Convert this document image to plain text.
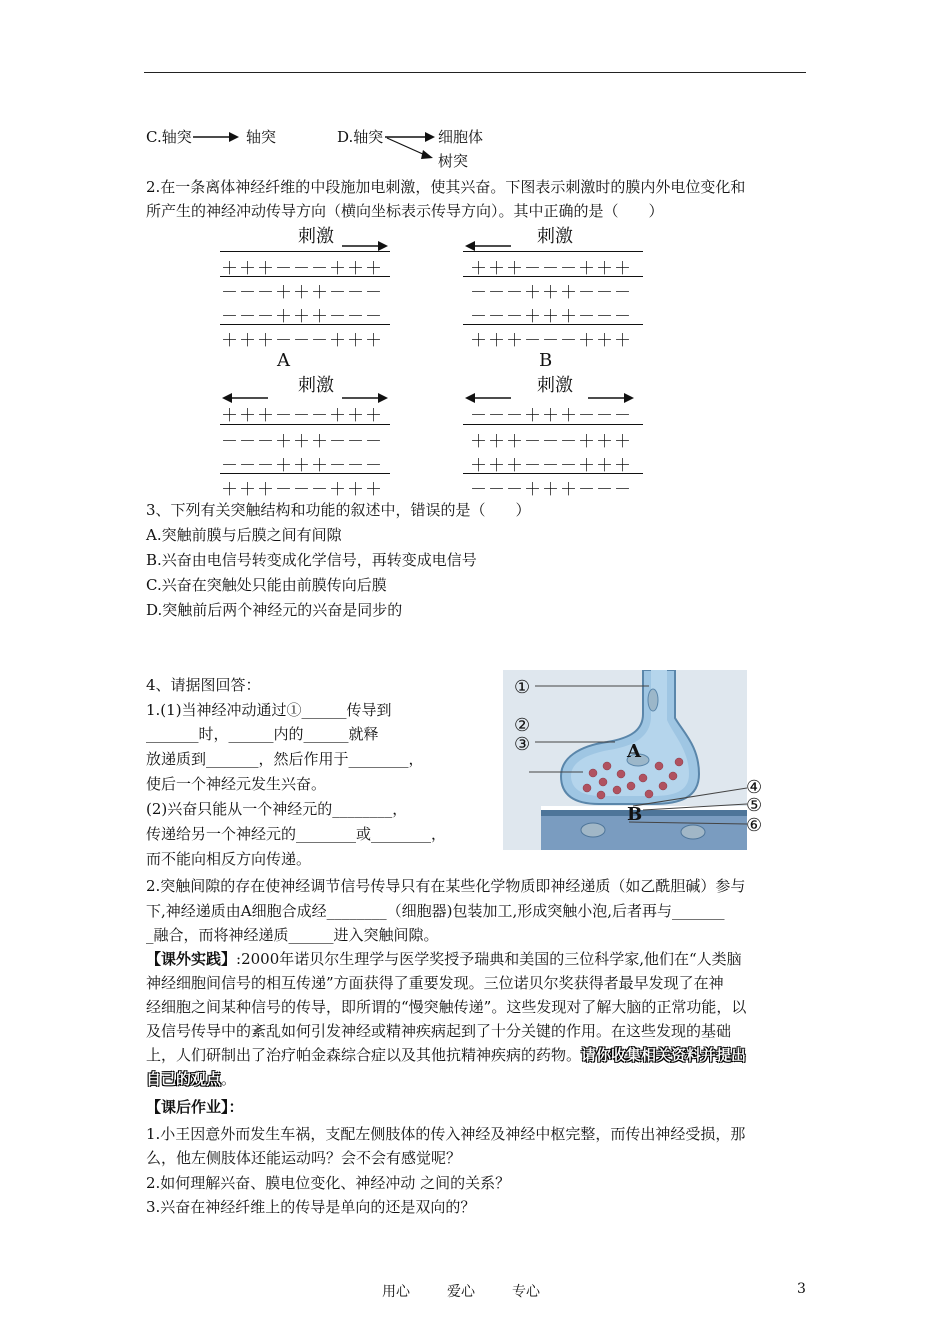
C.轴突	轴突	D.轴突	细胞体
树突
2.在一条离体神经纤维的中段施加电刺激，使其兴奋。下图表示刺激时的膜内外电位变化和
所产生的神经冲动传导方向（横向坐标表示传导方向）。其中正确的是（　　）
刺激
＋＋＋－－－＋＋＋
－－－＋＋＋－－－
－－－＋＋＋－－－
＋＋＋－－－＋＋＋
A
刺激
＋＋＋－－－＋＋＋
－－－＋＋＋－－－
－－－＋＋＋－－－
＋＋＋－－－＋＋＋
B
刺激
＋＋＋－－－＋＋＋
－－－＋＋＋－－－
－－－＋＋＋－－－
＋＋＋－－－＋＋＋
刺激
－－－＋＋＋－－－
＋＋＋－－－＋＋＋
＋＋＋－－－＋＋＋
－－－＋＋＋－－－
3、下列有关突触结构和功能的叙述中，错误的是（　　）
A.突触前膜与后膜之间有间隙
B.兴奋由电信号转变成化学信号，再转变成电信号
C.兴奋在突触处只能由前膜传向后膜
D.突触前后两个神经元的兴奋是同步的
4、请据图回答：
1.(1)当神经冲动通过①______传导到
_______时，______内的______就释
放递质到_______，然后作用于________，
使后一个神经元发生兴奋。
(2)兴奋只能从一个神经元的________，
传递给另一个神经元的________或________，
而不能向相反方向传递。
①
②
③
④
⑤
⑥
A
B
2.突触间隙的存在使神经调节信号传导只有在某些化学物质即神经递质（如乙酰胆碱）参与
下,神经递质由A细胞合成经________（细胞器)包装加工,形成突触小泡,后者再与_______
_融合，而将神经递质______进入突触间隙。
【课外实践】:2000年诺贝尔生理学与医学奖授予瑞典和美国的三位科学家,他们在“人类脑
神经细胞间信号的相互传递”方面获得了重要发现。三位诺贝尔奖获得者最早发现了在神
经细胞之间某种信号的传导，即所谓的“慢突触传递”。这些发现对了解大脑的正常功能，以
及信号传导中的紊乱如何引发神经或精神疾病起到了十分关键的作用。在这些发现的基础
上，人们研制出了治疗帕金森综合症以及其他抗精神疾病的药物。请你收集相关资料并提出
自己的观点。
【课后作业】：
1.小王因意外而发生车祸，支配左侧肢体的传入神经及神经中枢完整，而传出神经受损，那
么，他左侧肢体还能运动吗？会不会有感觉呢？
2.如何理解兴奋、膜电位变化、神经冲动 之间的关系？
3.兴奋在神经纤维上的传导是单向的还是双向的？
用心	爱心	专心	3
